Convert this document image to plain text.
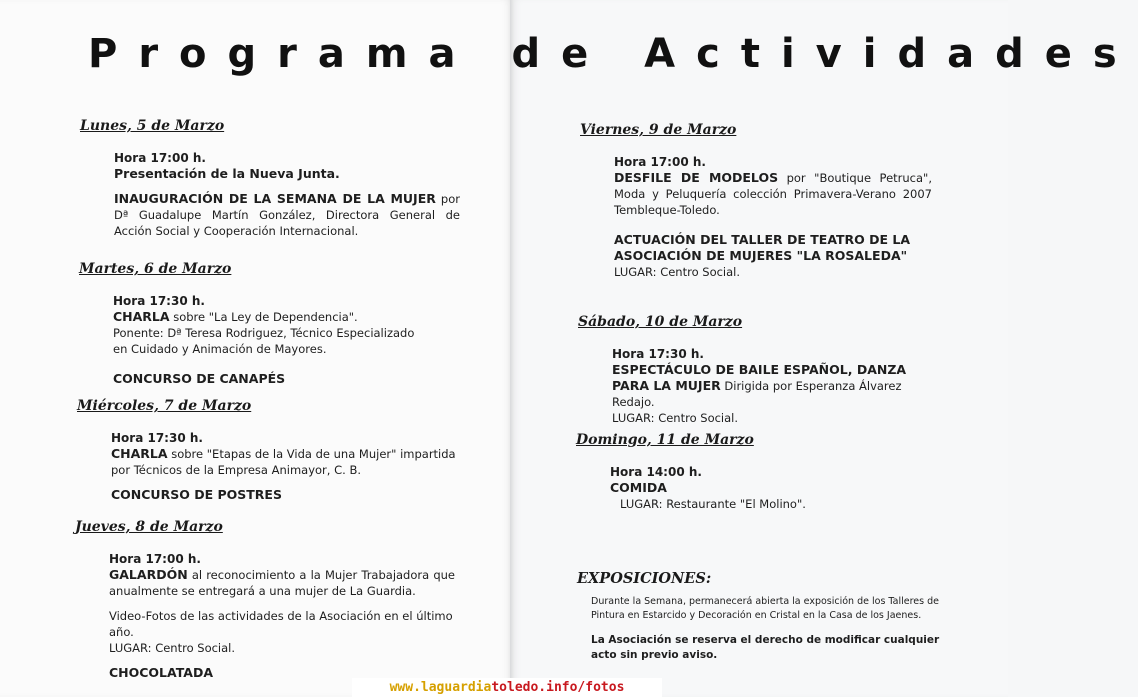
Programa de Actividades
Lunes, 5 de Marzo
Hora 17:00 h.
Presentación de la Nueva Junta.
INAUGURACIÓN DE LA SEMANA DE LA MUJER por Dª Guadalupe Martín González, Directora General de Acción Social y Cooperación Internacional.
Martes, 6 de Marzo
Hora 17:30 h.
CHARLA sobre "La Ley de Dependencia".
Ponente: Dª Teresa Rodriguez, Técnico Especializado en Cuidado y Animación de Mayores.
CONCURSO DE CANAPÉS
Miércoles, 7 de Marzo
Hora 17:30 h.
CHARLA sobre "Etapas de la Vida de una Mujer" impartida por Técnicos de la Empresa Animayor, C. B.
CONCURSO DE POSTRES
Jueves, 8 de Marzo
Hora 17:00 h.
GALARDÓN al reconocimiento a la Mujer Trabajadora que anualmente se entregará a una mujer de La Guardia.
Video-Fotos de las actividades de la Asociación en el último año.
LUGAR: Centro Social.
CHOCOLATADA
Viernes, 9 de Marzo
Hora 17:00 h.
DESFILE DE MODELOS por "Boutique Petruca", Moda y Peluquería colección Primavera-Verano 2007 Tembleque-Toledo.
ACTUACIÓN DEL TALLER DE TEATRO DE LA ASOCIACIÓN DE MUJERES "LA ROSALEDA"
LUGAR: Centro Social.
Sábado, 10 de Marzo
Hora 17:30 h.
ESPECTÁCULO DE BAILE ESPAÑOL, DANZA PARA LA MUJER Dirigida por Esperanza Álvarez Redajo.
LUGAR: Centro Social.
Domingo, 11 de Marzo
Hora 14:00 h.
COMIDA
LUGAR: Restaurante "El Molino".
EXPOSICIONES:
Durante la Semana, permanecerá abierta la exposición de los Talleres de Pintura en Estarcido y Decoración en Cristal en la Casa de los Jaenes.
La Asociación se reserva el derecho de modificar cualquier acto sin previo aviso.
www.laguardiatoledo.info/fotos
